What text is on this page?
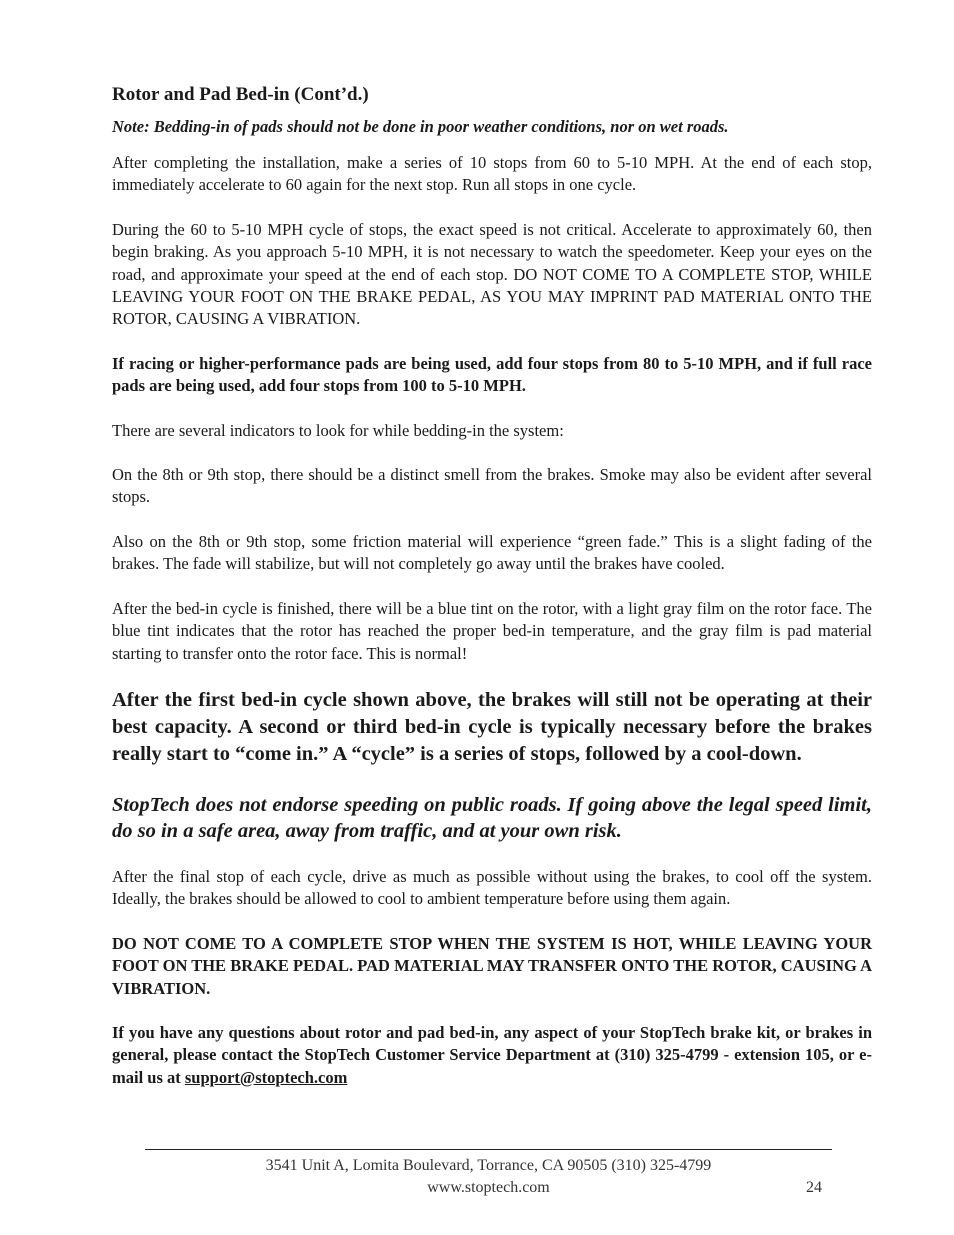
Rotor and Pad Bed-in (Cont’d.)
Note: Bedding-in of pads should not be done in poor weather conditions, nor on wet roads.

After completing the installation, make a series of 10 stops from 60 to 5-10 MPH. At the end of each stop, immediately accelerate to 60 again for the next stop. Run all stops in one cycle.

During the 60 to 5-10 MPH cycle of stops, the exact speed is not critical. Accelerate to approximately 60, then begin braking. As you approach 5-10 MPH, it is not necessary to watch the speedometer. Keep your eyes on the road, and approximate your speed at the end of each stop. DO NOT COME TO A COMPLETE STOP, WHILE LEAVING YOUR FOOT ON THE BRAKE PEDAL, AS YOU MAY IMPRINT PAD MATERIAL ONTO THE ROTOR, CAUSING A VIBRATION.

If racing or higher-performance pads are being used, add four stops from 80 to 5-10 MPH, and if full race pads are being used, add four stops from 100 to 5-10 MPH.

There are several indicators to look for while bedding-in the system:

On the 8th or 9th stop, there should be a distinct smell from the brakes. Smoke may also be evident after several stops.

Also on the 8th or 9th stop, some friction material will experience “green fade.” This is a slight fading of the brakes. The fade will stabilize, but will not completely go away until the brakes have cooled.

After the bed-in cycle is finished, there will be a blue tint on the rotor, with a light gray film on the rotor face. The blue tint indicates that the rotor has reached the proper bed-in temperature, and the gray film is pad material starting to transfer onto the rotor face. This is normal!

After the first bed-in cycle shown above, the brakes will still not be operating at their best capacity. A second or third bed-in cycle is typically necessary before the brakes really start to “come in.” A “cycle” is a series of stops, followed by a cool-down.

StopTech does not endorse speeding on public roads. If going above the legal speed limit, do so in a safe area, away from traffic, and at your own risk.

After the final stop of each cycle, drive as much as possible without using the brakes, to cool off the system. Ideally, the brakes should be allowed to cool to ambient temperature before using them again.

DO NOT COME TO A COMPLETE STOP WHEN THE SYSTEM IS HOT, WHILE LEAVING YOUR FOOT ON THE BRAKE PEDAL. PAD MATERIAL MAY TRANSFER ONTO THE ROTOR, CAUSING A VIBRATION.

If you have any questions about rotor and pad bed-in, any aspect of your StopTech brake kit, or brakes in general, please contact the StopTech Customer Service Department at (310) 325-4799 - extension 105, or e-mail us at support@stoptech.com

3541 Unit A, Lomita Boulevard, Torrance, CA 90505 (310) 325-4799
www.stoptech.com	24
